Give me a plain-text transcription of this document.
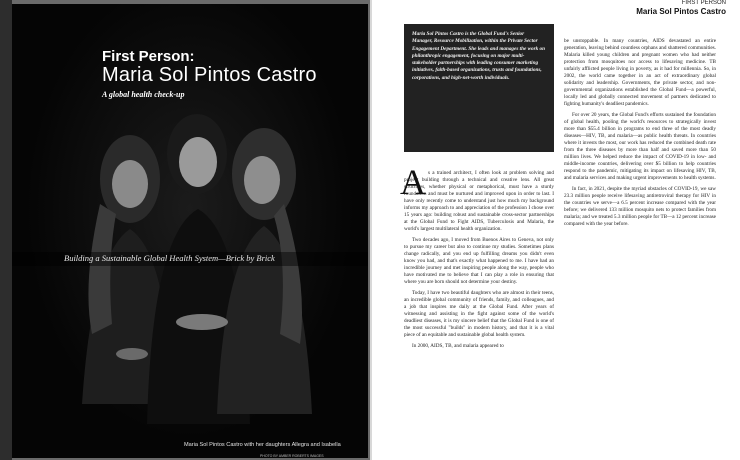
First Person:
Maria Sol Pintos Castro
A global health check-up
Building a Sustainable Global Health System—Brick by Brick
Maria Sol Pintos Castro with her daughters Allegra and Isabella
PHOTO BY AMBER ROBERTS IMAGES
FIRST PERSON
Maria Sol Pintos Castro
Maria Sol Pintos Castro is the Global Fund's Senior Manager, Resource Mobilization, within the Private Sector Engagement Department. She leads and manages the work on philanthropic engagement, focusing on major multi-stakeholder partnerships with leading consumer marketing initiatives, faith-based organizations, trusts and foundations, corporations, and high-net-worth individuals.
A s a trained architect, I often look at problem solving and project building through a technical and creative lens. All great structures, whether physical or metaphorical, must have a sturdy foundation and must be nurtured and improved upon in order to last. I have only recently come to understand just how much my background informs my approach to and appreciation of the profession I chose over 15 years ago: building robust and sustainable cross-sector partnerships at the Global Fund to Fight AIDS, Tuberculosis and Malaria, the world's largest multilateral health organization.

Two decades ago, I moved from Buenos Aires to Geneva, not only to pursue my career but also to continue my studies. Sometimes plans change radically, and you end up fulfilling dreams you didn't even know you had, and that's exactly what happened to me. I have had an incredible journey and met inspiring people along the way, people who have motivated me to believe that I can play a role in ensuring that where you are born should not determine your destiny.

Today, I have two beautiful daughters who are almost in their teens, an incredible global community of friends, family, and colleagues, and a job that inspires me daily at the Global Fund. After years of witnessing and assisting in the fight against some of the world's deadliest diseases, it is my sincere belief that the Global Fund is one of the most successful "builds" in modern history, and that it is a vital piece of an equitable and sustainable global health system.

In 2000, AIDS, TB, and malaria appeared to

be unstoppable. In many countries, AIDS devastated an entire generation, leaving behind countless orphans and shattered communities. Malaria killed young children and pregnant women who had neither protection from mosquitoes nor access to lifesaving medicine. TB unfairly afflicted people living in poverty, as it had for millennia. So, in 2002, the world came together in an act of extraordinary global solidarity and leadership. Governments, the private sector, and non-governmental organizations established the Global Fund—a powerful, locally led and globally connected movement of partners dedicated to fighting humanity's deadliest pandemics.

For over 20 years, the Global Fund's efforts sustained the foundation of global health, pooling the world's resources to strategically invest more than $55.4 billion in programs to end three of the most deadly diseases—HIV, TB, and malaria—as public health threats. In countries where it invests the most, our work has reduced the combined death rate from the three diseases by more than half and saved more than 50 million lives. We helped reduce the impact of COVID-19 in low- and middle-income countries, delivering over $5 billion to help countries respond to the pandemic, mitigating its impact on lifesaving HIV, TB, and malaria services and making urgent improvements to health systems.

In fact, in 2021, despite the myriad obstacles of COVID-19, we saw 23.3 million people receive lifesaving antiretroviral therapy for HIV in the countries we serve—a 6.5 percent increase compared with the year before; we delivered 133 million mosquito nets to protect families from malaria; and we treated 5.3 million people for TB—a 12 percent increase compared with the year before.
